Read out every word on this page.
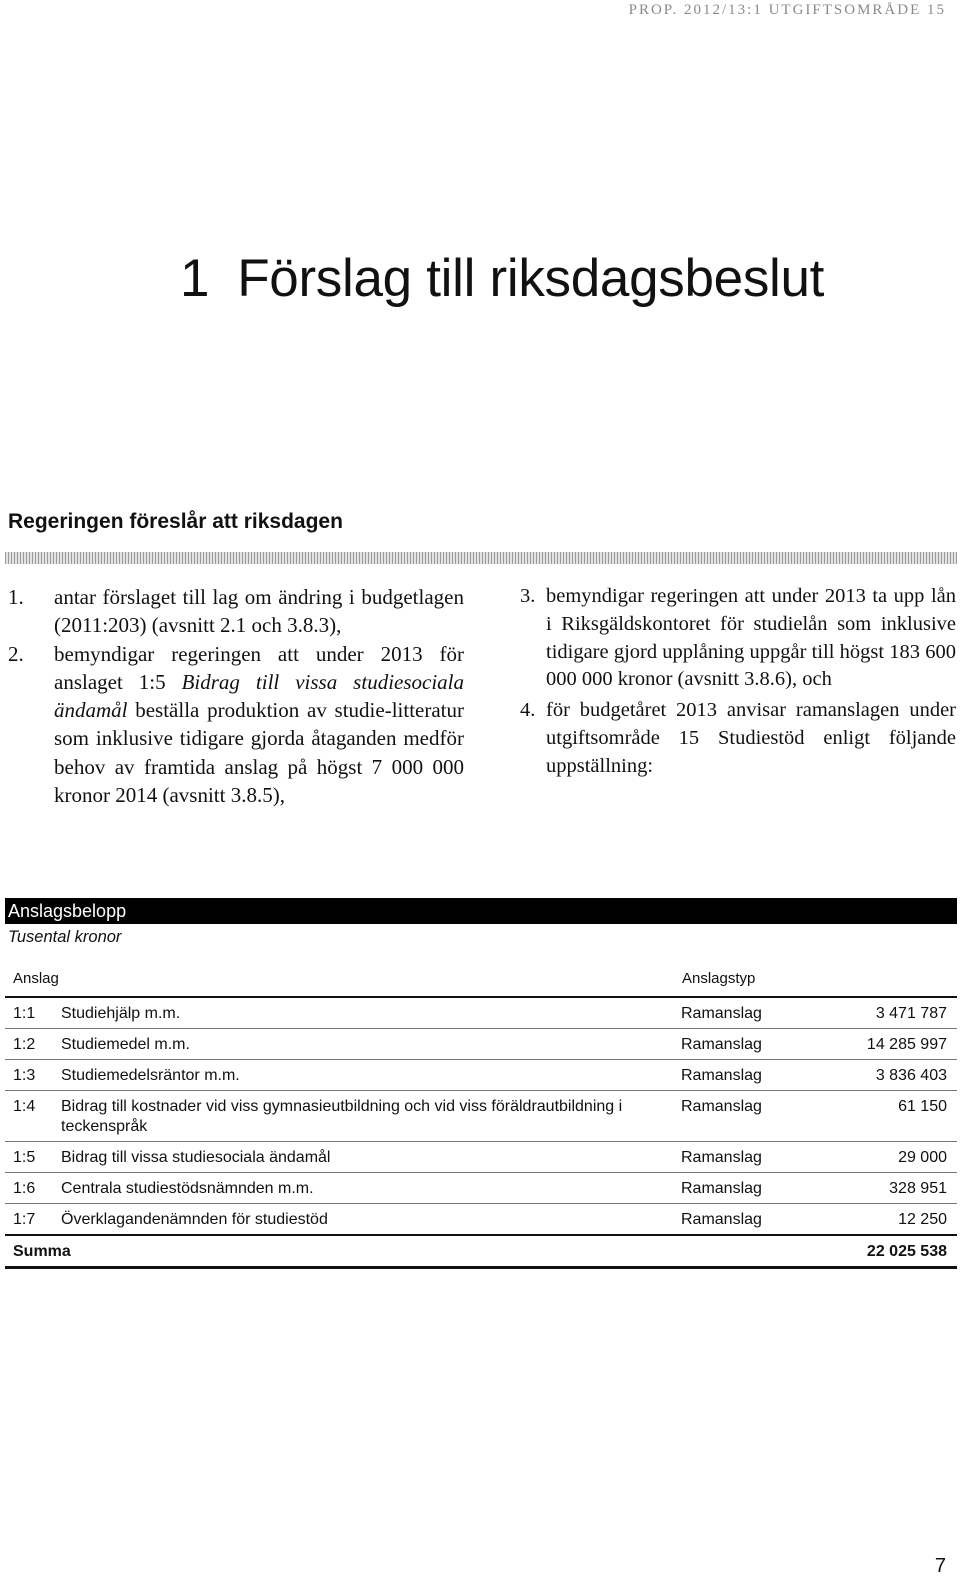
PROP. 2012/13:1 UTGIFTSOMRÅDE 15
1 Förslag till riksdagsbeslut
Regeringen föreslår att riksdagen
1. antar förslaget till lag om ändring i budgetlagen (2011:203) (avsnitt 2.1 och 3.8.3),
2. bemyndigar regeringen att under 2013 för anslaget 1:5 Bidrag till vissa studiesociala ändamål beställa produktion av studie-litteratur som inklusive tidigare gjorda åtaganden medför behov av framtida anslag på högst 7 000 000 kronor 2014 (avsnitt 3.8.5),
3. bemyndigar regeringen att under 2013 ta upp lån i Riksgäldskontoret för studielån som inklusive tidigare gjord upplåning uppgår till högst 183 600 000 000 kronor (avsnitt 3.8.6), och
4. för budgetåret 2013 anvisar ramanslagen under utgiftsområde 15 Studiestöd enligt följande uppställning:
Anslagsbelopp
Tusental kronor
Anslag		Anslagstyp	
1:1	Studiehjälp m.m.	Ramanslag	3 471 787
1:2	Studiemedel m.m.	Ramanslag	14 285 997
1:3	Studiemedelsräntor m.m.	Ramanslag	3 836 403
1:4	Bidrag till kostnader vid viss gymnasieutbildning och vid viss föräldrautbildning i teckenspråk	Ramanslag	61 150
1:5	Bidrag till vissa studiesociala ändamål	Ramanslag	29 000
1:6	Centrala studiestödsnämnden m.m.	Ramanslag	328 951
1:7	Överklagandenämnden för studiestöd	Ramanslag	12 250
Summa			22 025 538
7
